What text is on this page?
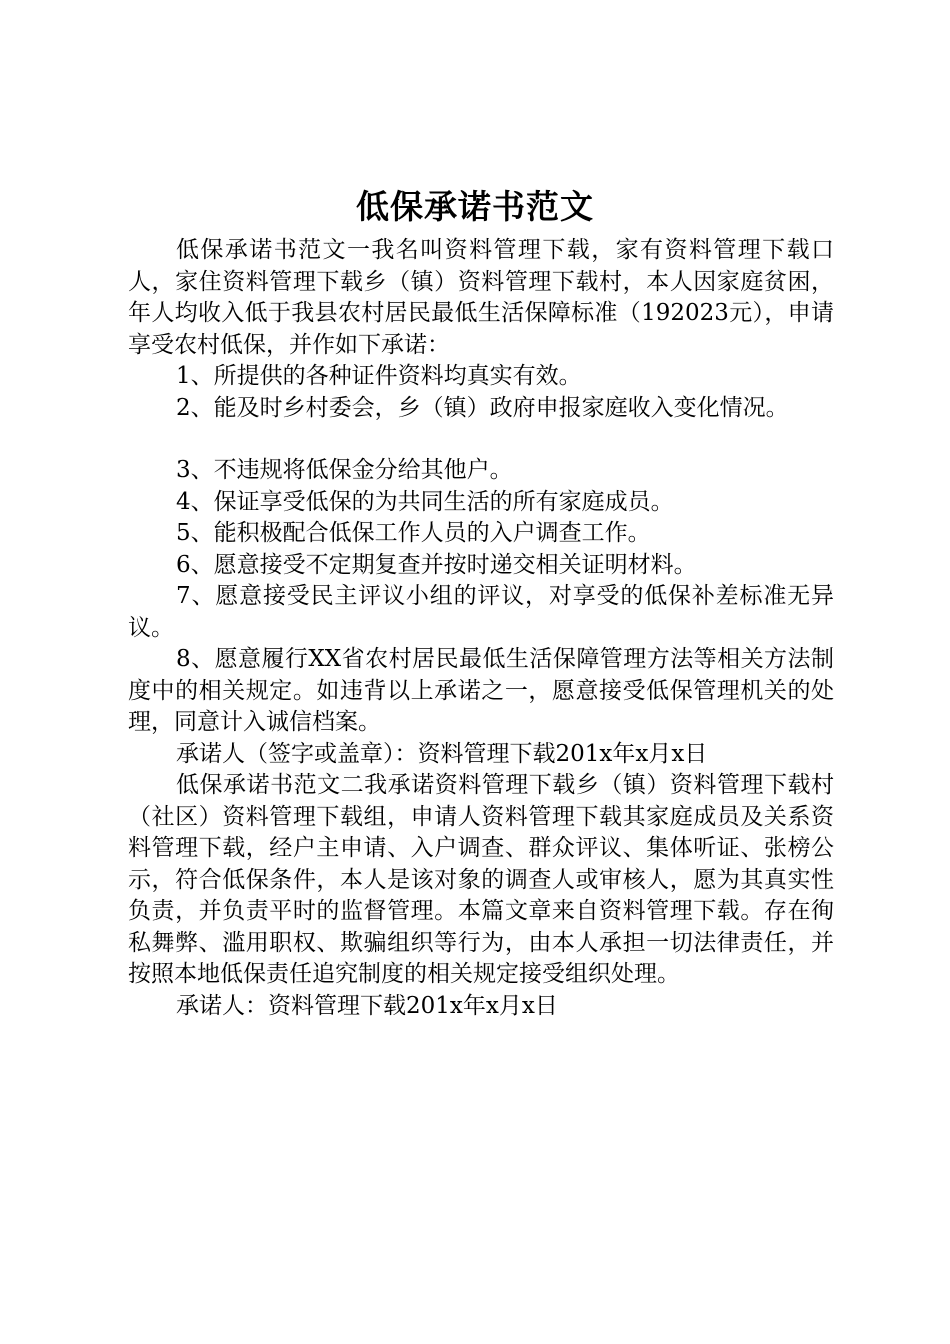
低保承诺书范文

低保承诺书范文一我名叫资料管理下载，家有资料管理下载口人，家住资料管理下载乡（镇）资料管理下载村，本人因家庭贫困，年人均收入低于我县农村居民最低生活保障标准（192023元），申请享受农村低保，并作如下承诺：

1、所提供的各种证件资料均真实有效。

2、能及时乡村委会，乡（镇）政府申报家庭收入变化情况。

3、不违规将低保金分给其他户。

4、保证享受低保的为共同生活的所有家庭成员。

5、能积极配合低保工作人员的入户调查工作。

6、愿意接受不定期复查并按时递交相关证明材料。

7、愿意接受民主评议小组的评议，对享受的低保补差标准无异议。

8、愿意履行XX省农村居民最低生活保障管理方法等相关方法制度中的相关规定。如违背以上承诺之一，愿意接受低保管理机关的处理，同意计入诚信档案。

承诺人（签字或盖章）：资料管理下载201x年x月x日

低保承诺书范文二我承诺资料管理下载乡（镇）资料管理下载村（社区）资料管理下载组，申请人资料管理下载其家庭成员及关系资料管理下载，经户主申请、入户调查、群众评议、集体听证、张榜公示，符合低保条件，本人是该对象的调查人或审核人，愿为其真实性负责，并负责平时的监督管理。本篇文章来自资料管理下载。存在徇私舞弊、滥用职权、欺骗组织等行为，由本人承担一切法律责任，并按照本地低保责任追究制度的相关规定接受组织处理。

承诺人：资料管理下载201x年x月x日
